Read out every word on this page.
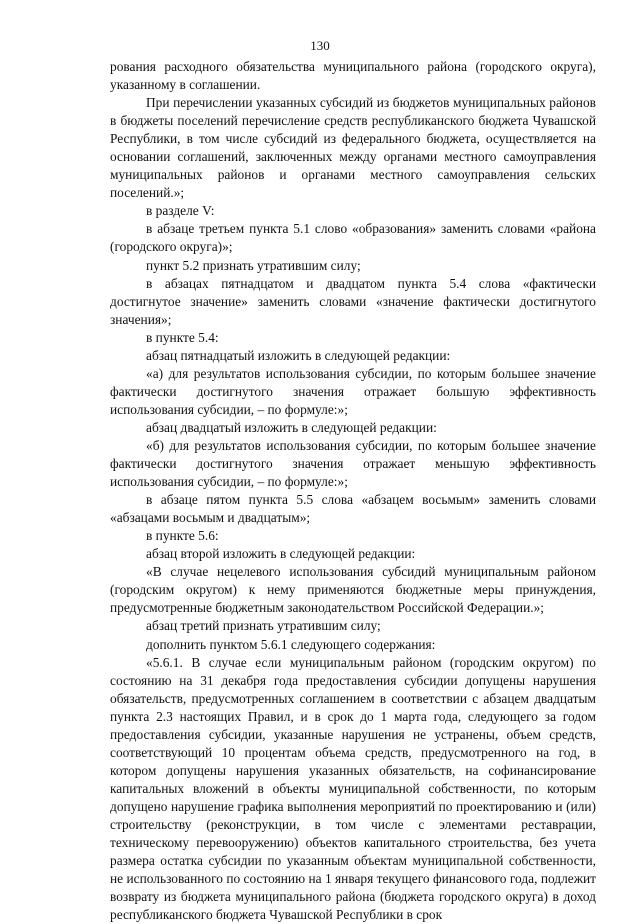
130

рования расходного обязательства муниципального района (городского округа), указанному в соглашении.

При перечислении указанных субсидий из бюджетов муниципальных районов в бюджеты поселений перечисление средств республиканского бюджета Чувашской Республики, в том числе субсидий из федерального бюджета, осуществляется на основании соглашений, заключенных между органами местного самоуправления муниципальных районов и органами местного самоуправления сельских поселений.»;

в разделе V:

в абзаце третьем пункта 5.1 слово «образования» заменить словами «района (городского округа)»;

пункт 5.2 признать утратившим силу;

в абзацах пятнадцатом и двадцатом пункта 5.4 слова «фактически достигнутое значение» заменить словами «значение фактически достигнутого значения»;

в пункте 5.4:

абзац пятнадцатый изложить в следующей редакции:

«а) для результатов использования субсидии, по которым большее значение фактически достигнутого значения отражает большую эффективность использования субсидии, – по формуле:»;

абзац двадцатый изложить в следующей редакции:

«б) для результатов использования субсидии, по которым большее значение фактически достигнутого значения отражает меньшую эффективность использования субсидии, – по формуле:»;

в абзаце пятом пункта 5.5 слова «абзацем восьмым» заменить словами «абзацами восьмым и двадцатым»;

в пункте 5.6:

абзац второй изложить в следующей редакции:

«В случае нецелевого использования субсидий муниципальным районом (городским округом) к нему применяются бюджетные меры принуждения, предусмотренные бюджетным законодательством Российской Федерации.»;

абзац третий признать утратившим силу;

дополнить пунктом 5.6.1 следующего содержания:

«5.6.1. В случае если муниципальным районом (городским округом) по состоянию на 31 декабря года предоставления субсидии допущены нарушения обязательств, предусмотренных соглашением в соответствии с абзацем двадцатым пункта 2.3 настоящих Правил, и в срок до 1 марта года, следующего за годом предоставления субсидии, указанные нарушения не устранены, объем средств, соответствующий 10 процентам объема средств, предусмотренного на год, в котором допущены нарушения указанных обязательств, на софинансирование капитальных вложений в объекты муниципальной собственности, по которым допущено нарушение графика выполнения мероприятий по проектированию и (или) строительству (реконструкции, в том числе с элементами реставрации, техническому перевооружению) объектов капитального строительства, без учета размера остатка субсидии по указанным объектам муниципальной собственности, не использованного по состоянию на 1 января текущего финансового года, подлежит возврату из бюджета муниципального района (бюджета городского округа) в доход республиканского бюджета Чувашской Республики в срок
